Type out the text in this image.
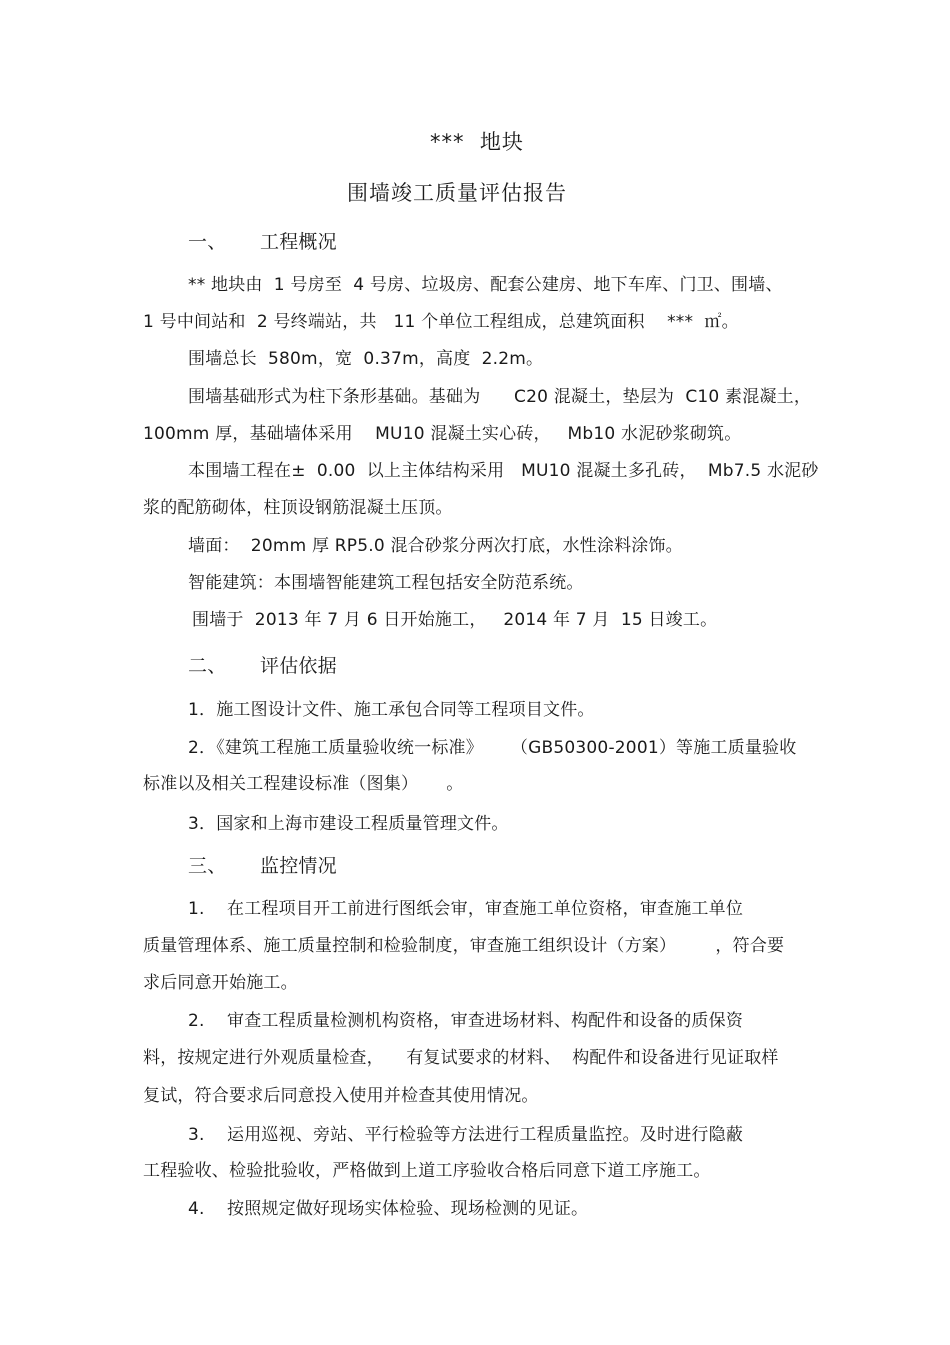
***  地块
围墙竣工质量评估报告
一、 工程概况
** 地块由  1 号房至  4 号房、垃圾房、配套公建房、地下车库、门卫、围墙、
1 号中间站和  2 号终端站，共   11 个单位工程组成，总建筑面积    ***  ㎡。
围墙总长  580m，宽  0.37m，高度  2.2m。
围墙基础形式为柱下条形基础。基础为      C20 混凝土，垫层为  C10 素混凝土，
100mm 厚，基础墙体采用    MU10 混凝土实心砖，   Mb10 水泥砂浆砌筑。
本围墙工程在±  0.00  以上主体结构采用   MU10 混凝土多孔砖，  Mb7.5 水泥砂
浆的配筋砌体，柱顶设钢筋混凝土压顶。
墙面：  20mm 厚 RP5.0 混合砂浆分两次打底，水性涂料涂饰。
智能建筑：本围墙智能建筑工程包括安全防范系统。
围墙于  2013 年 7 月 6 日开始施工，   2014 年 7 月  15 日竣工。
二、 评估依据
1．施工图设计文件、施工承包合同等工程项目文件。
2．《建筑工程施工质量验收统一标准》     （GB50300-2001）等施工质量验收
标准以及相关工程建设标准（图集）     。
3．国家和上海市建设工程质量管理文件。
三、 监控情况
1.    在工程项目开工前进行图纸会审，审查施工单位资格，审查施工单位
质量管理体系、施工质量控制和检验制度，审查施工组织设计（方案）       ，符合要
求后同意开始施工。
2.    审查工程质量检测机构资格，审查进场材料、构配件和设备的质保资
料，按规定进行外观质量检查，    有复试要求的材料、  构配件和设备进行见证取样
复试，符合要求后同意投入使用并检查其使用情况。
3.    运用巡视、旁站、平行检验等方法进行工程质量监控。及时进行隐蔽
工程验收、检验批验收，严格做到上道工序验收合格后同意下道工序施工。
4.    按照规定做好现场实体检验、现场检测的见证。
